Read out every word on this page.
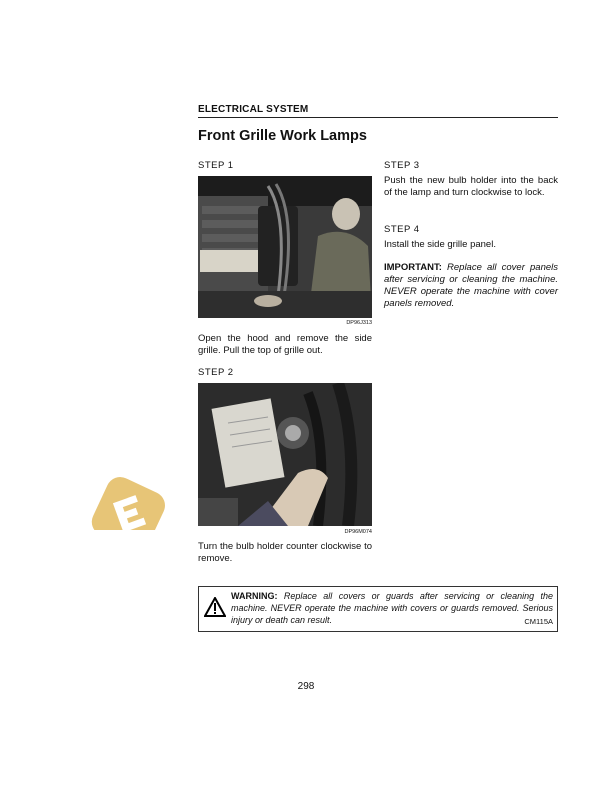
ELECTRICAL SYSTEM
Front Grille Work Lamps
STEP 1
DP96J313
Open the hood and remove the side grille. Pull the top of grille out.
STEP 2
DP96M074
Turn the bulb holder counter clockwise to remove.
STEP 3
Push the new bulb holder into the back of the lamp and turn clockwise to lock.
STEP 4
Install the side grille panel.
IMPORTANT: Replace all cover panels after servicing or cleaning the machine. NEVER operate the machine with cover panels removed.
WARNING: Replace all covers or guards after servicing or cleaning the machine. NEVER operate the machine with covers or guards removed. Serious injury or death can result.	CM115A
298
